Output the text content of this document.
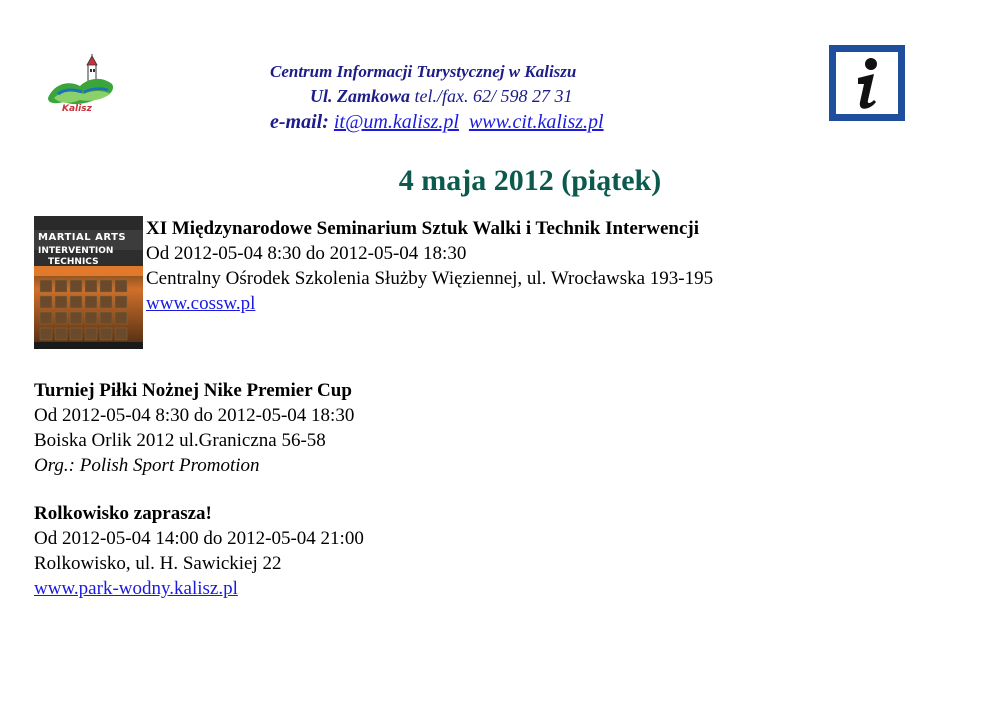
Kalisz
Centrum Informacji Turystycznej w Kaliszu
Ul. Zamkowa tel./fax. 62/ 598 27 31
e-mail: it@um.kalisz.pl www.cit.kalisz.pl
4 maja 2012 (piątek)
MARTIAL ARTS
INTERVENTION
TECHNICS
XI Międzynarodowe Seminarium Sztuk Walki i Technik Interwencji
Od 2012-05-04 8:30 do 2012-05-04 18:30
Centralny Ośrodek Szkolenia Służby Więziennej, ul. Wrocławska 193-195
www.cossw.pl
Turniej Piłki Nożnej Nike Premier Cup
Od 2012-05-04 8:30 do 2012-05-04 18:30
Boiska Orlik 2012 ul.Graniczna 56-58
Org.: Polish Sport Promotion
Rolkowisko zaprasza!
Od 2012-05-04 14:00 do 2012-05-04 21:00
Rolkowisko, ul. H. Sawickiej 22
www.park-wodny.kalisz.pl
